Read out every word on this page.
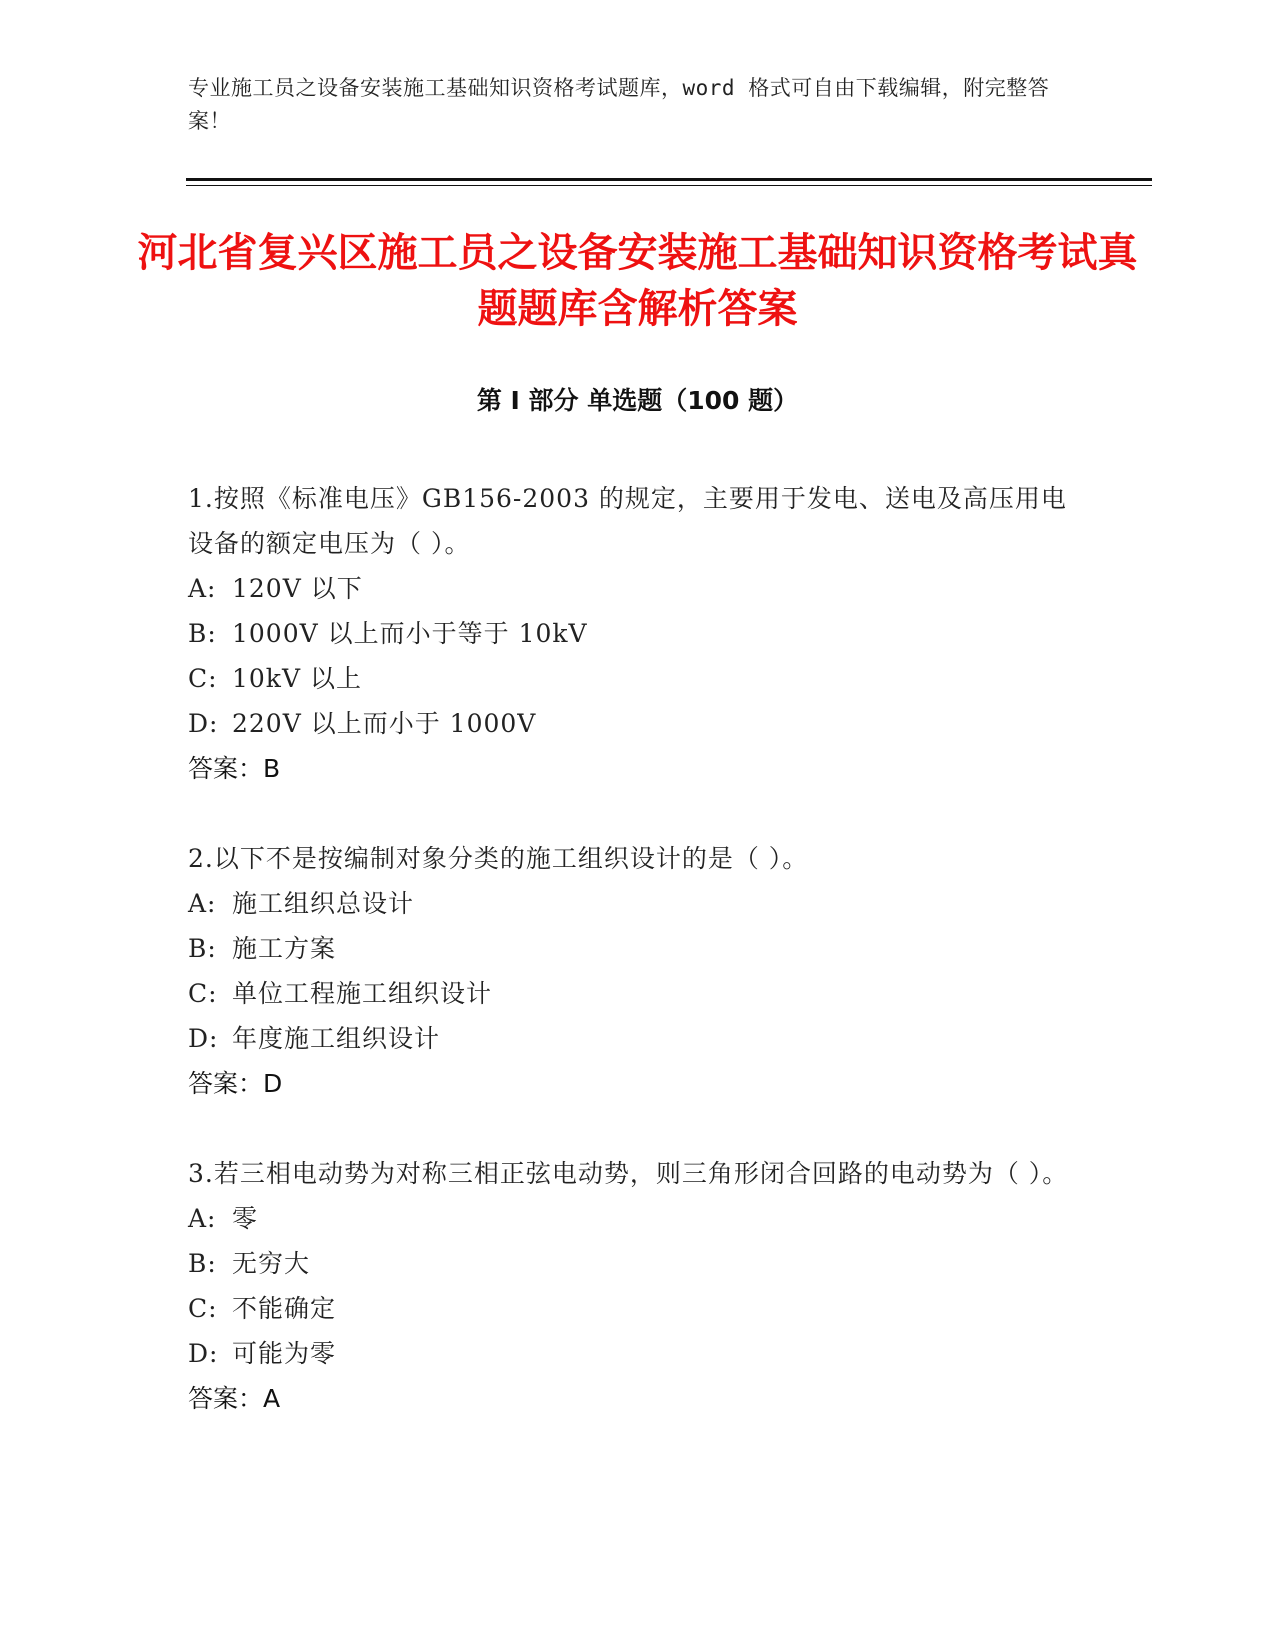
专业施工员之设备安装施工基础知识资格考试题库，word 格式可自由下载编辑，附完整答案！
河北省复兴区施工员之设备安装施工基础知识资格考试真题题库含解析答案
第 I 部分 单选题（100 题）
1.按照《标准电压》GB156-2003 的规定，主要用于发电、送电及高压用电设备的额定电压为（ ）。
A: 120V 以下
B: 1000V 以上而小于等于 10kV
C: 10kV 以上
D: 220V 以上而小于 1000V
答案：B
2.以下不是按编制对象分类的施工组织设计的是（ ）。
A: 施工组织总设计
B: 施工方案
C: 单位工程施工组织设计
D: 年度施工组织设计
答案：D
3.若三相电动势为对称三相正弦电动势，则三角形闭合回路的电动势为（ ）。
A: 零
B: 无穷大
C: 不能确定
D: 可能为零
答案：A
